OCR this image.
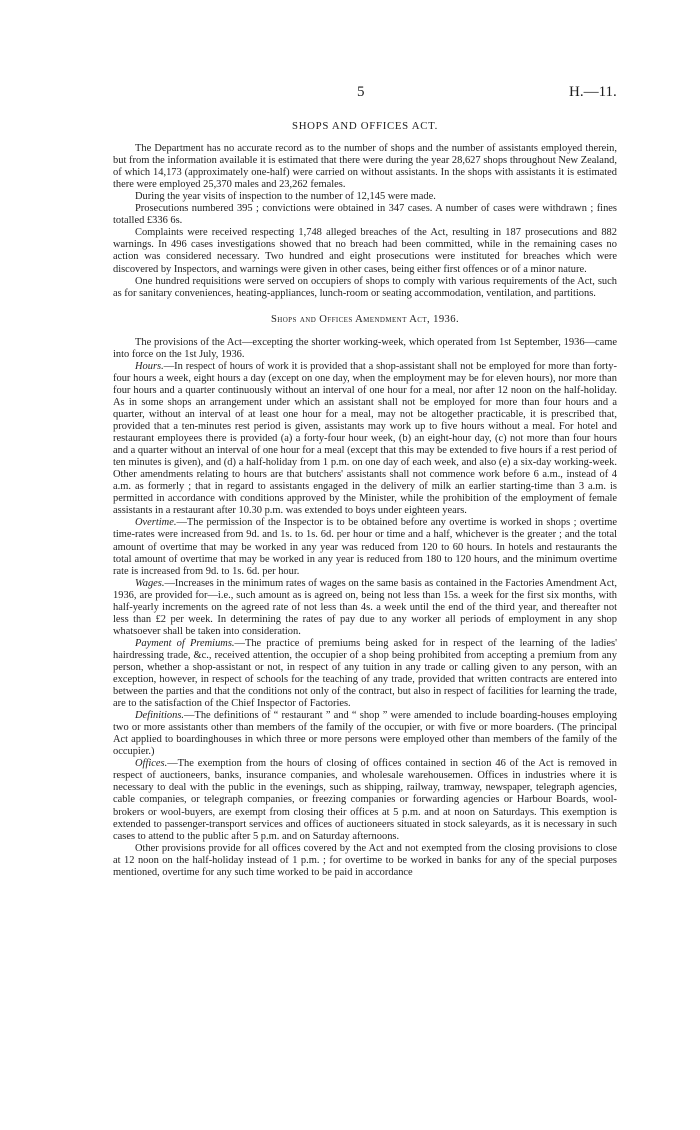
5	H.—11.
SHOPS AND OFFICES ACT.

The Department has no accurate record as to the number of shops and the number of assistants employed therein, but from the information available it is estimated that there were during the year 28,627 shops throughout New Zealand, of which 14,173 (approximately one-half) were carried on without assistants. In the shops with assistants it is estimated there were employed 25,370 males and 23,262 females.

During the year visits of inspection to the number of 12,145 were made.

Prosecutions numbered 395 ; convictions were obtained in 347 cases. A number of cases were withdrawn ; fines totalled £336 6s.

Complaints were received respecting 1,748 alleged breaches of the Act, resulting in 187 prosecutions and 882 warnings. In 496 cases investigations showed that no breach had been committed, while in the remaining cases no action was considered necessary. Two hundred and eight prosecutions were instituted for breaches which were discovered by Inspectors, and warnings were given in other cases, being either first offences or of a minor nature.

One hundred requisitions were served on occupiers of shops to comply with various requirements of the Act, such as for sanitary conveniences, heating-appliances, lunch-room or seating accommodation, ventilation, and partitions.

Shops and Offices Amendment Act, 1936.

The provisions of the Act—excepting the shorter working-week, which operated from 1st September, 1936—came into force on the 1st July, 1936.

Hours.—In respect of hours of work it is provided that a shop-assistant shall not be employed for more than forty-four hours a week, eight hours a day (except on one day, when the employment may be for eleven hours), nor more than four hours and a quarter continuously without an interval of one hour for a meal, nor after 12 noon on the half-holiday. As in some shops an arrangement under which an assistant shall not be employed for more than four hours and a quarter, without an interval of at least one hour for a meal, may not be altogether practicable, it is prescribed that, provided that a ten-minutes rest period is given, assistants may work up to five hours without a meal. For hotel and restaurant employees there is provided (a) a forty-four hour week, (b) an eight-hour day, (c) not more than four hours and a quarter without an interval of one hour for a meal (except that this may be extended to five hours if a rest period of ten minutes is given), and (d) a half-holiday from 1 p.m. on one day of each week, and also (e) a six-day working-week. Other amendments relating to hours are that butchers' assistants shall not commence work before 6 a.m., instead of 4 a.m. as formerly ; that in regard to assistants engaged in the delivery of milk an earlier starting-time than 3 a.m. is permitted in accordance with conditions approved by the Minister, while the prohibition of the employment of female assistants in a restaurant after 10.30 p.m. was extended to boys under eighteen years.

Overtime.—The permission of the Inspector is to be obtained before any overtime is worked in shops ; overtime time-rates were increased from 9d. and 1s. to 1s. 6d. per hour or time and a half, whichever is the greater ; and the total amount of overtime that may be worked in any year was reduced from 120 to 60 hours. In hotels and restaurants the total amount of overtime that may be worked in any year is reduced from 180 to 120 hours, and the minimum overtime rate is increased from 9d. to 1s. 6d. per hour.

Wages.—Increases in the minimum rates of wages on the same basis as contained in the Factories Amendment Act, 1936, are provided for—i.e., such amount as is agreed on, being not less than 15s. a week for the first six months, with half-yearly increments on the agreed rate of not less than 4s. a week until the end of the third year, and thereafter not less than £2 per week. In determining the rates of pay due to any worker all periods of employment in any shop whatsoever shall be taken into consideration.

Payment of Premiums.—The practice of premiums being asked for in respect of the learning of the ladies' hairdressing trade, &c., received attention, the occupier of a shop being prohibited from accepting a premium from any person, whether a shop-assistant or not, in respect of any tuition in any trade or calling given to any person, with an exception, however, in respect of schools for the teaching of any trade, provided that written contracts are entered into between the parties and that the conditions not only of the contract, but also in respect of facilities for learning the trade, are to the satisfaction of the Chief Inspector of Factories.

Definitions.—The definitions of “ restaurant ” and “ shop ” were amended to include boarding-houses employing two or more assistants other than members of the family of the occupier, or with five or more boarders. (The principal Act applied to boardinghouses in which three or more persons were employed other than members of the family of the occupier.)

Offices.—The exemption from the hours of closing of offices contained in section 46 of the Act is removed in respect of auctioneers, banks, insurance companies, and wholesale warehousemen. Offices in industries where it is necessary to deal with the public in the evenings, such as shipping, railway, tramway, newspaper, telegraph agencies, cable companies, or telegraph companies, or freezing companies or forwarding agencies or Harbour Boards, wool-brokers or wool-buyers, are exempt from closing their offices at 5 p.m. and at noon on Saturdays. This exemption is extended to passenger-transport services and offices of auctioneers situated in stock saleyards, as it is necessary in such cases to attend to the public after 5 p.m. and on Saturday afternoons.

Other provisions provide for all offices covered by the Act and not exempted from the closing provisions to close at 12 noon on the half-holiday instead of 1 p.m. ; for overtime to be worked in banks for any of the special purposes mentioned, overtime for any such time worked to be paid in accordance
